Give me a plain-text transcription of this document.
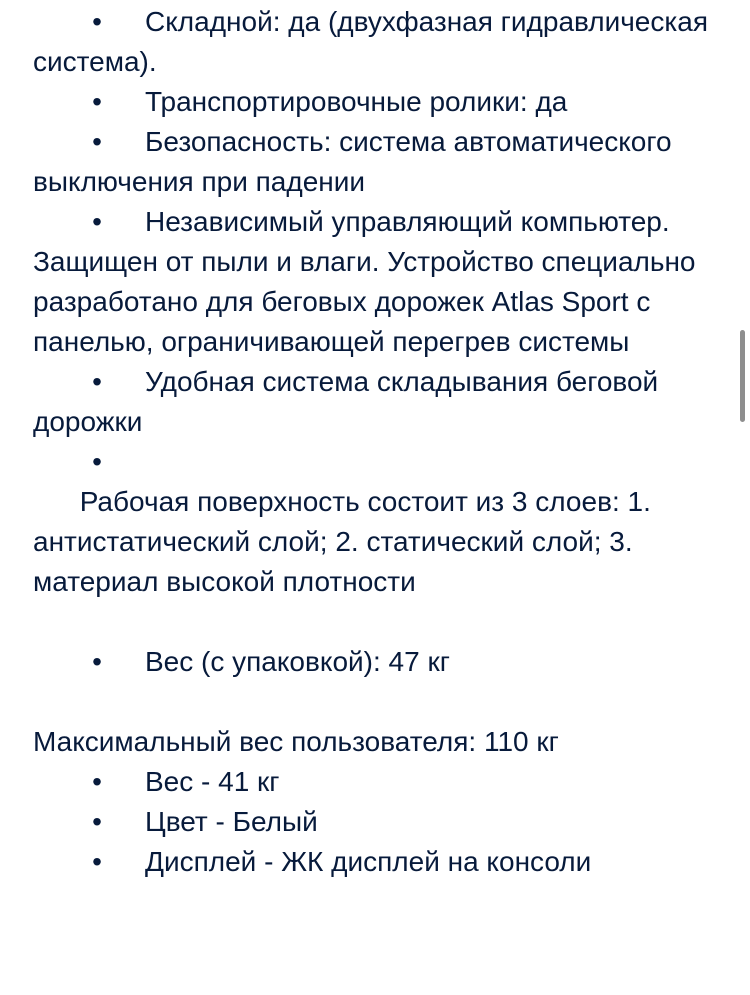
• Складной: да (двухфазная гидравлическая система).

• Транспортировочные ролики: да

• Безопасность: система автоматического выключения при падении

• Независимый управляющий компьютер. Защищен от пыли и влаги. Устройство специально разработано для беговых дорожек Atlas Sport с панелью, ограничивающей перегрев системы

• Удобная система складывания беговой дорожки

•
Рабочая поверхность состоит из 3 слоев: 1.      антистатический слой; 2. статический слой; 3.      материал высокой плотности

• Вес (с упаковкой): 47 кг

Максимальный вес пользователя: 110 кг

• Вес - 41 кг

• Цвет - Белый

• Дисплей - ЖК дисплей на консоли
